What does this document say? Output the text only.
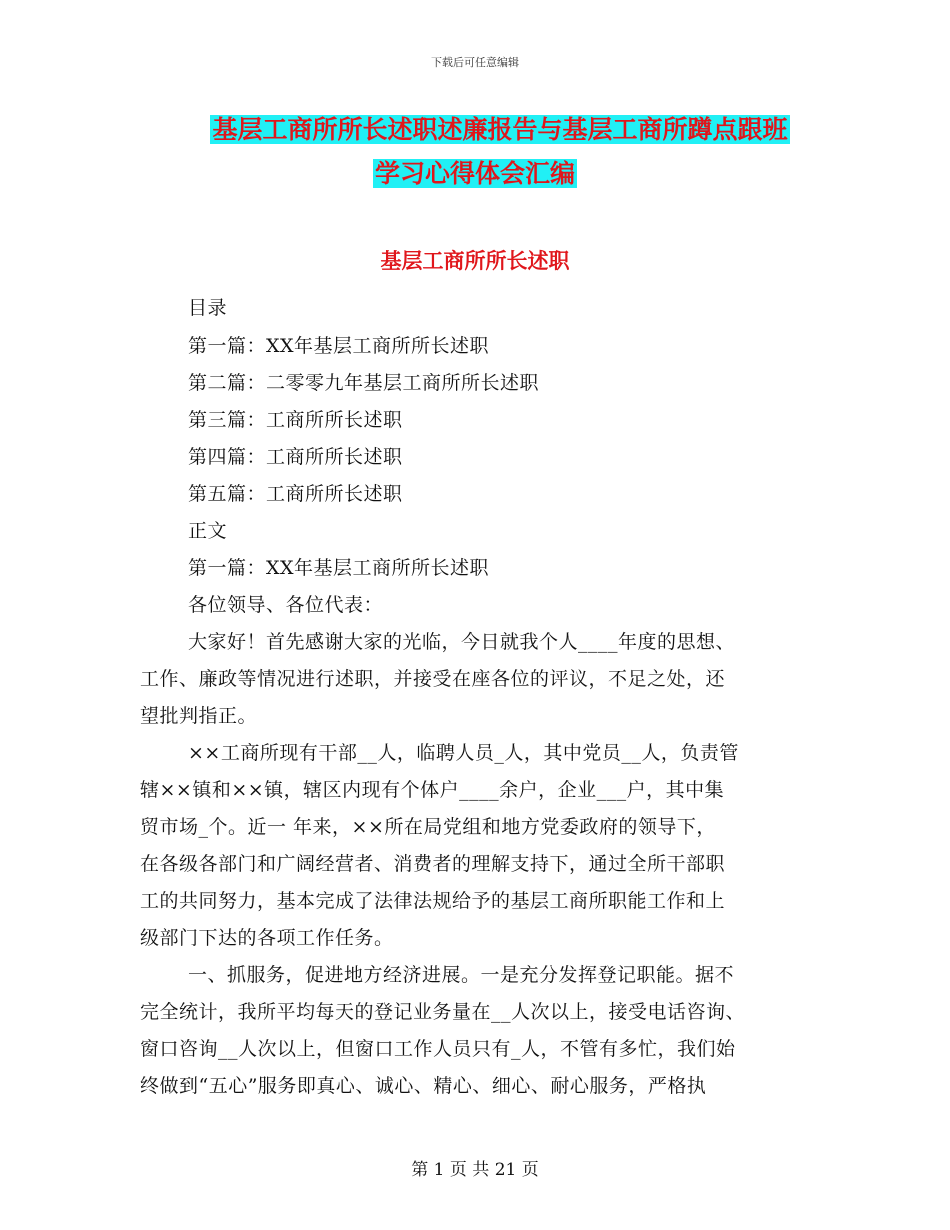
下载后可任意编辑
基层工商所所长述职述廉报告与基层工商所蹲点跟班
学习心得体会汇编
基层工商所所长述职
目录
第一篇：XX年基层工商所所长述职
第二篇：二零零九年基层工商所所长述职
第三篇：工商所所长述职
第四篇：工商所所长述职
第五篇：工商所所长述职
正文
第一篇：XX年基层工商所所长述职
各位领导、各位代表：
大家好！首先感谢大家的光临，今日就我个人____年度的思想、
工作、廉政等情况进行述职，并接受在座各位的评议，不足之处，还
望批判指正。
××工商所现有干部__人，临聘人员_人，其中党员__人，负责管
辖××镇和××镇，辖区内现有个体户____余户，企业___户，其中集
贸市场_个。近一 年来，××所在局党组和地方党委政府的领导下，
在各级各部门和广阔经营者、消费者的理解支持下，通过全所干部职
工的共同努力，基本完成了法律法规给予的基层工商所职能工作和上
级部门下达的各项工作任务。
一、抓服务，促进地方经济进展。一是充分发挥登记职能。据不
完全统计，我所平均每天的登记业务量在__人次以上，接受电话咨询、
窗口咨询__人次以上，但窗口工作人员只有_人，不管有多忙，我们始
终做到“五心”服务即真心、诚心、精心、细心、耐心服务，严格执
第 1 页 共 21 页
